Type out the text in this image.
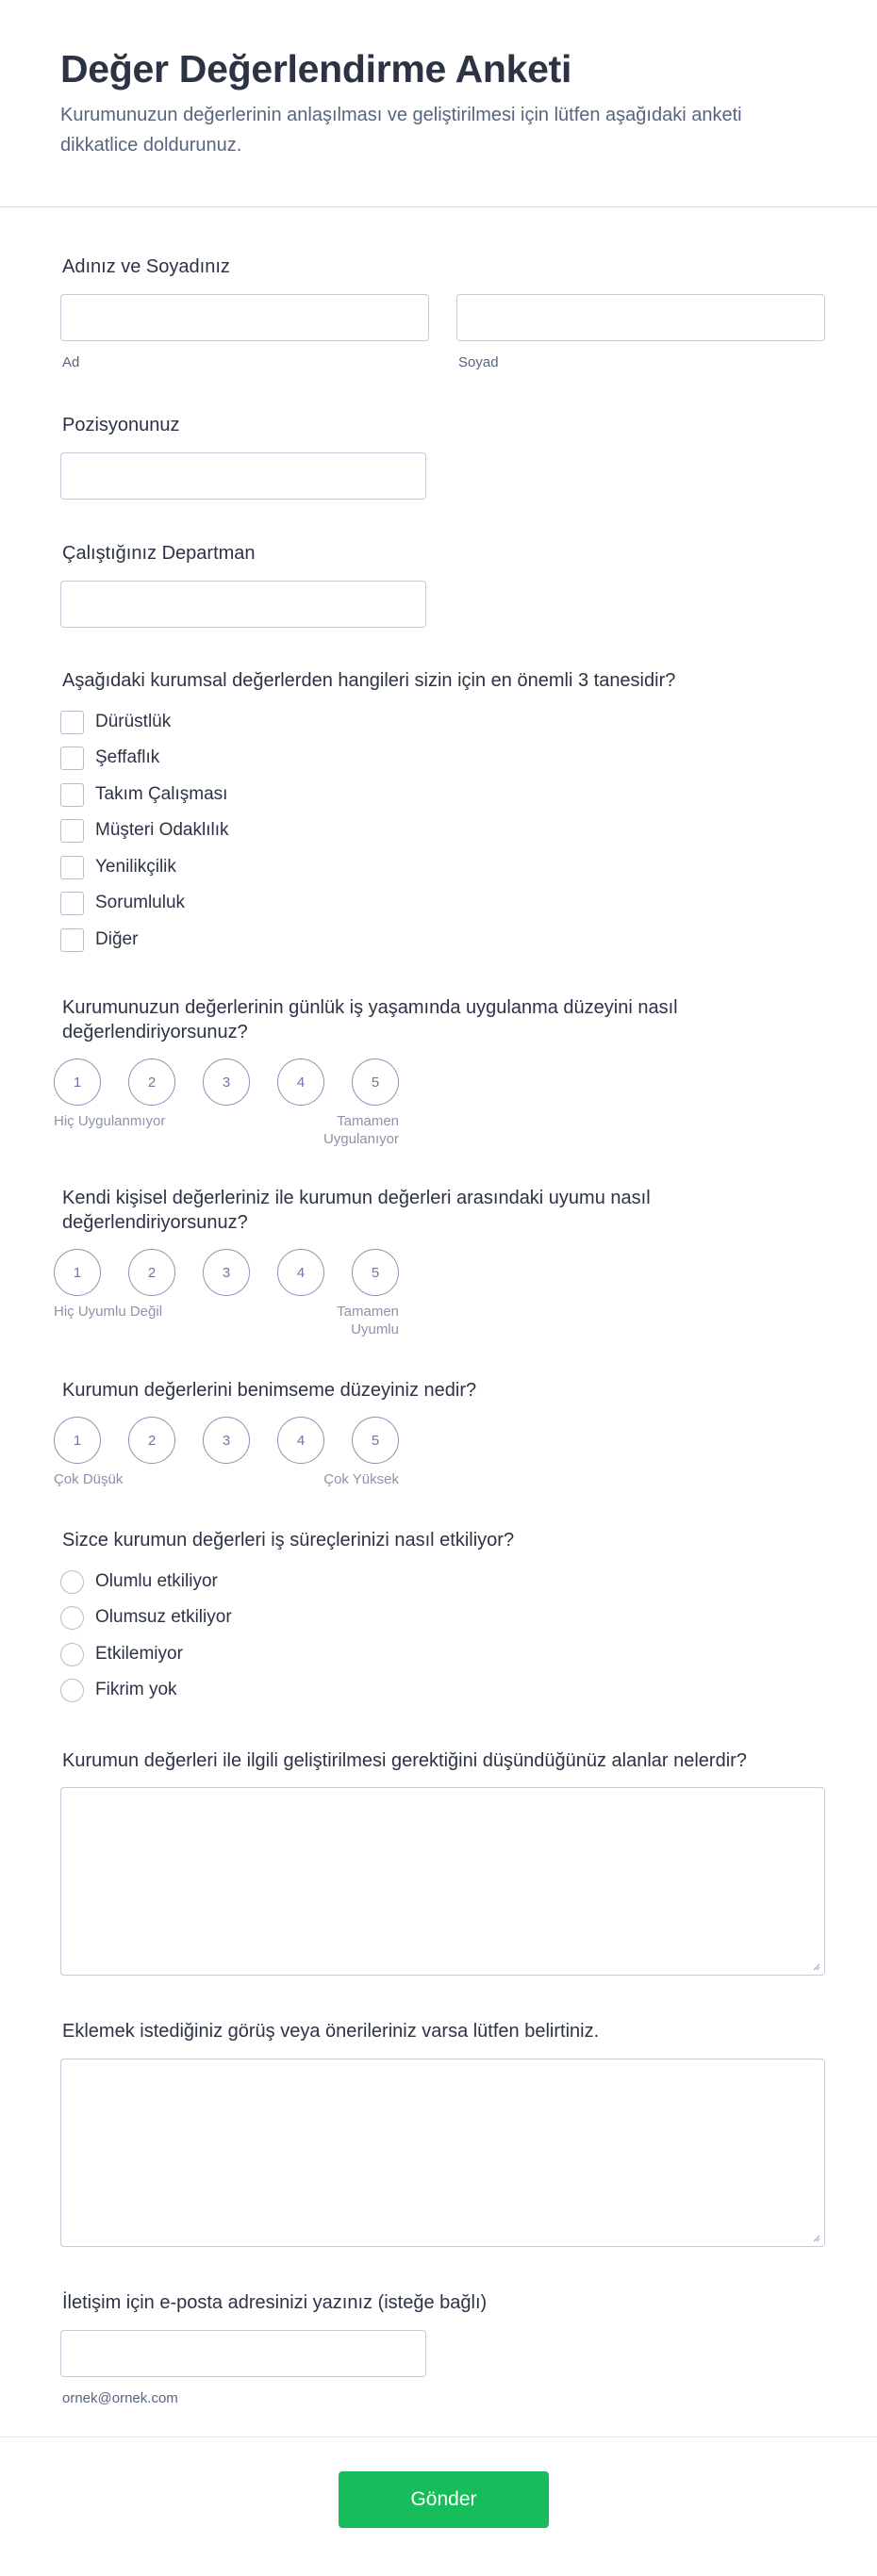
Değer Değerlendirme Anketi

Kurumunuzun değerlerinin anlaşılması ve geliştirilmesi için lütfen aşağıdaki anketi dikkatlice doldurunuz.

Adınız ve Soyadınız
Ad	Soyad
Pozisyonunuz
Çalıştığınız Departman
Aşağıdaki kurumsal değerlerden hangileri sizin için en önemli 3 tanesidir?
Dürüstlük
Şeffaflık
Takım Çalışması
Müşteri Odaklılık
Yenilikçilik
Sorumluluk
Diğer
Kurumunuzun değerlerinin günlük iş yaşamında uygulanma düzeyini nasıl değerlendiriyorsunuz?
1	2	3	4	5
Hiç Uygulanmıyor	Tamamen Uygulanıyor
Kendi kişisel değerleriniz ile kurumun değerleri arasındaki uyumu nasıl değerlendiriyorsunuz?
1	2	3	4	5
Hiç Uyumlu Değil	Tamamen Uyumlu
Kurumun değerlerini benimseme düzeyiniz nedir?
1	2	3	4	5
Çok Düşük	Çok Yüksek
Sizce kurumun değerleri iş süreçlerinizi nasıl etkiliyor?
Olumlu etkiliyor
Olumsuz etkiliyor
Etkilemiyor
Fikrim yok
Kurumun değerleri ile ilgili geliştirilmesi gerektiğini düşündüğünüz alanlar nelerdir?
Eklemek istediğiniz görüş veya önerileriniz varsa lütfen belirtiniz.
İletişim için e-posta adresinizi yazınız (isteğe bağlı)
ornek@ornek.com
Gönder
